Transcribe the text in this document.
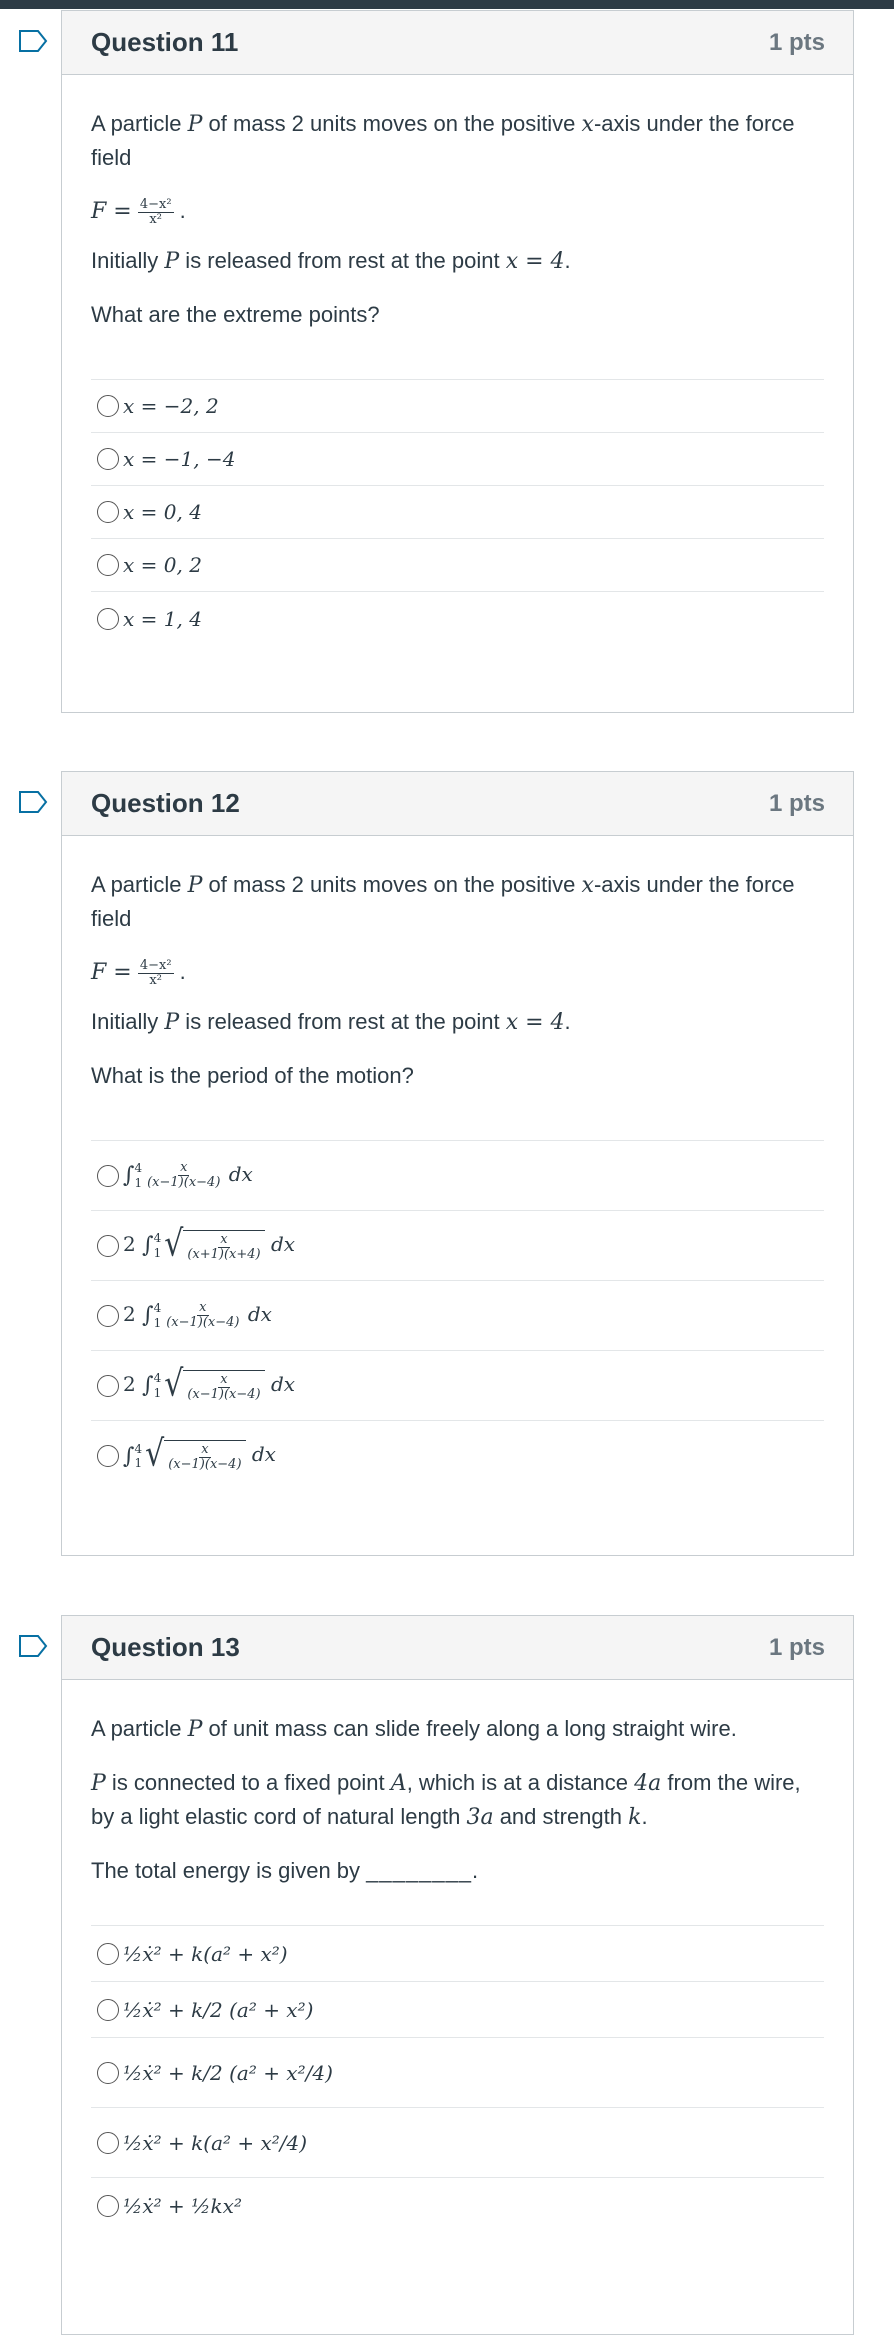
Question 11	1 pts

A particle P of mass 2 units moves on the positive x-axis under the force field

$F = \frac{\text{4−x²}}{\text{x²}}$ .

Initially P is released from rest at the point x = 4.

What are the extreme points?

x = −2, 2
x = −1, −4
x = 0, 4
x = 0, 2
x = 1, 4
Question 12	1 pts

A particle P of mass 2 units moves on the positive x-axis under the force field

$F = \frac{\text{4−x²}}{\text{x²}}$ .

Initially P is released from rest at the point x = 4.

What is the period of the motion?

∫ 4
$1 \frac{x}{(x-1)(x-4)}$ dx
2 ∫ 4
1 √ $\frac{x}{(x+1)(x+4)}$ dx
2 ∫ 4
$1 \frac{x}{(x-1)(x-4)}$ dx
2 ∫ 4
1 √ $\frac{x}{(x-1)(x-4)}$ dx
∫ 4
1 √ $\frac{x}{(x-1)(x-4)}$ dx
Question 13	1 pts

A particle P of unit mass can slide freely along a long straight wire.

P is connected to a fixed point A, which is at a distance 4a from the wire, by a light elastic cord of natural length 3a and strength k.

The total energy is given by ________.

½ẋ² + k(a² + x²)
½ẋ² + k/2 (a² + x²)
½ẋ² + k/2 (a² + x²/4)
½ẋ² + k(a² + x²/4)
½ẋ² + ½kx²
